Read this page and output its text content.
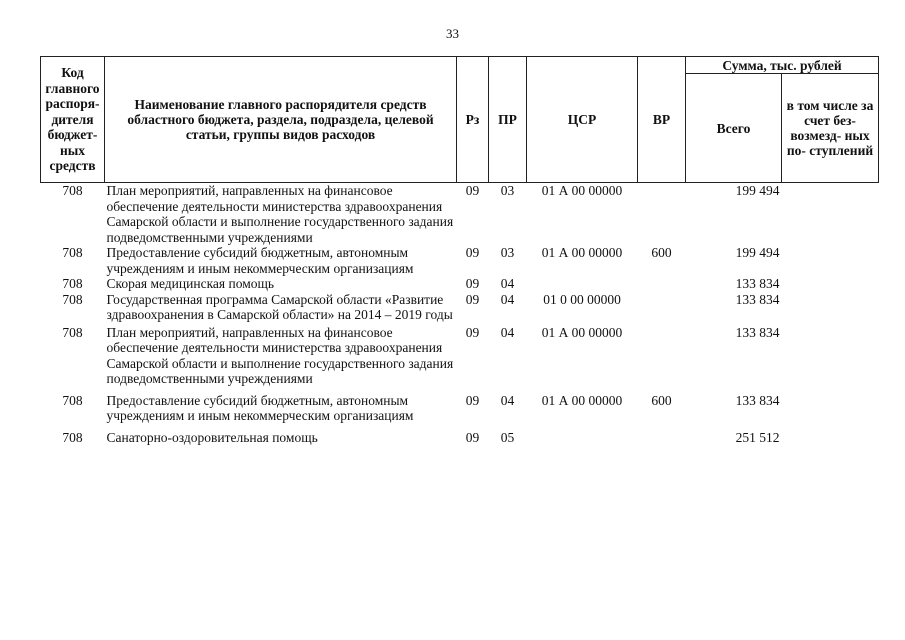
33
Код главного распоря- дителя бюджет- ных средств	Наименование главного распорядителя средств областного бюджета, раздела, подраздела, целевой статьи, группы видов расходов	Рз	ПР	ЦСР	ВР	Сумма, тыс. рублей	
						Всего	в том числе за счет без- возмезд- ных по- ступлений
708	План мероприятий, направленных на финансовое обеспечение деятельности министерства здравоохранения Самарской области и выполнение государственного задания подведомственными учреждениями	09	03	01 А 00 00000		199 494	
708	Предоставление субсидий бюджетным, автономным учреждениям и иным некоммерческим организациям	09	03	01 А 00 00000	600	199 494	
708	Скорая медицинская помощь	09	04			133 834	
708	Государственная программа Самарской области «Развитие здравоохранения в Самарской области» на 2014 – 2019 годы	09	04	01 0 00 00000		133 834	
708	План мероприятий, направленных на финансовое обеспечение деятельности министерства здравоохранения Самарской области и выполнение государственного задания подведомственными учреждениями	09	04	01 А 00 00000		133 834	
708	Предоставление субсидий бюджетным, автономным учреждениям и иным некоммерческим организациям	09	04	01 А 00 00000	600	133 834	
708	Санаторно-оздоровительная помощь	09	05			251 512	
